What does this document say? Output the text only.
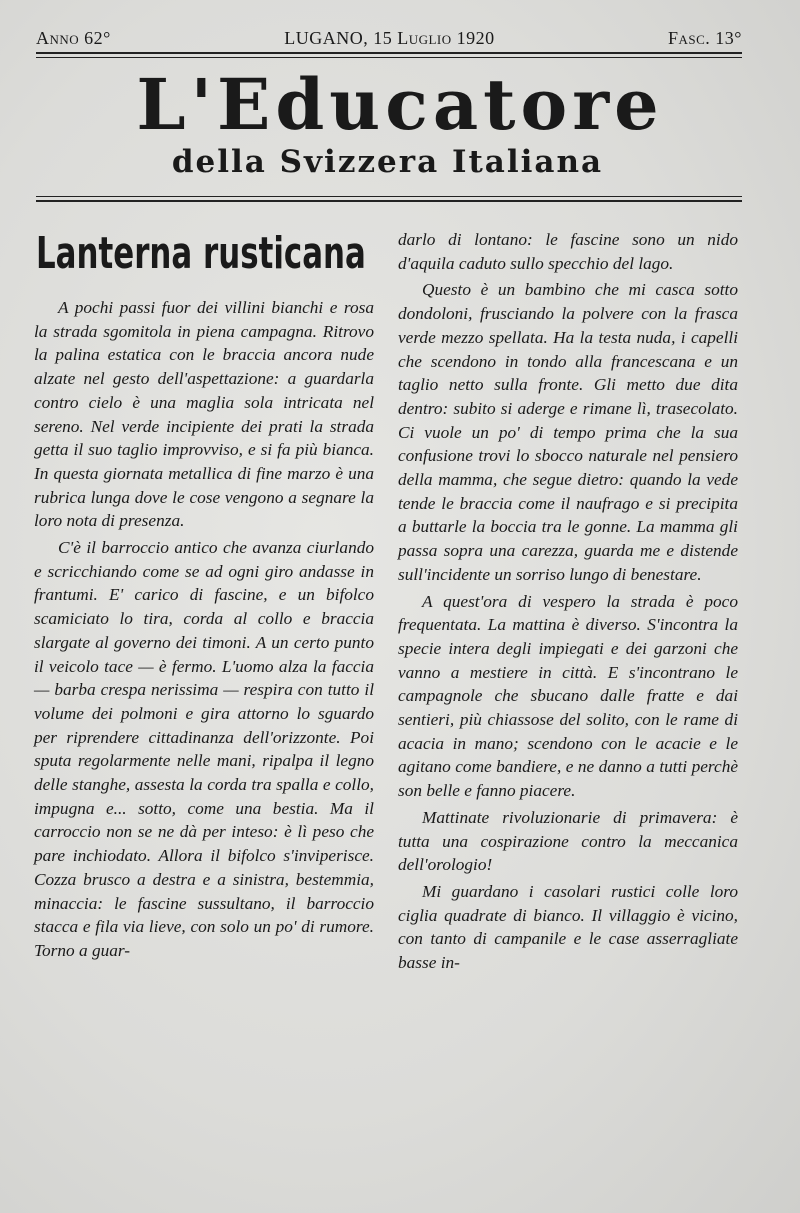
Anno 62°	LUGANO, 15 Luglio 1920	Fasc. 13°
L'Educatore
della Svizzera Italiana
Lanterna rusticana

A pochi passi fuor dei villini bianchi e rosa la strada sgomitola in piena campagna. Ritrovo la palina estatica con le braccia ancora nude alzate nel gesto dell'aspettazione: a guardarla contro cielo è una maglia sola intricata nel sereno. Nel verde incipiente dei prati la strada getta il suo taglio improvviso, e si fa più bianca. In questa giornata metallica di fine marzo è una rubrica lunga dove le cose vengono a segnare la loro nota di presenza.

C'è il barroccio antico che avanza ciurlando e scricchiando come se ad ogni giro andasse in frantumi. E' carico di fascine, e un bifolco scamiciato lo tira, corda al collo e braccia slargate al governo dei timoni. A un certo punto il veicolo tace — è fermo. L'uomo alza la faccia — barba crespa nerissima — respira con tutto il volume dei polmoni e gira attorno lo sguardo per riprendere cittadinanza dell'orizzonte. Poi sputa regolarmente nelle mani, ripalpa il legno delle stanghe, assesta la corda tra spalla e collo, impugna e... sotto, come una bestia. Ma il carroccio non se ne dà per inteso: è lì peso che pare inchiodato. Allora il bifolco s'inviperisce. Cozza brusco a destra e a sinistra, bestemmia, minaccia: le fascine sussultano, il barroccio stacca e fila via lieve, con solo un po' di rumore. Torno a guar-

darlo di lontano: le fascine sono un nido d'aquila caduto sullo specchio del lago.

Questo è un bambino che mi casca sotto dondoloni, frusciando la polvere con la frasca verde mezzo spellata. Ha la testa nuda, i capelli che scendono in tondo alla francescana e un taglio netto sulla fronte. Gli metto due dita dentro: subito si aderge e rimane lì, trasecolato. Ci vuole un po' di tempo prima che la sua confusione trovi lo sbocco naturale nel pensiero della mamma, che segue dietro: quando la vede tende le braccia come il naufrago e si precipita a buttarle la boccia tra le gonne. La mamma gli passa sopra una carezza, guarda me e distende sull'incidente un sorriso lungo di benestare.

A quest'ora di vespero la strada è poco frequentata. La mattina è diverso. S'incontra la specie intera degli impiegati e dei garzoni che vanno a mestiere in città. E s'incontrano le campagnole che sbucano dalle fratte e dai sentieri, più chiassose del solito, con le rame di acacia in mano; scendono con le acacie e le agitano come bandiere, e ne danno a tutti perchè son belle e fanno piacere.

Mattinate rivoluzionarie di primavera: è tutta una cospirazione contro la meccanica dell'orologio!

Mi guardano i casolari rustici colle loro ciglia quadrate di bianco. Il villaggio è vicino, con tanto di campanile e le case asserragliate basse in-
